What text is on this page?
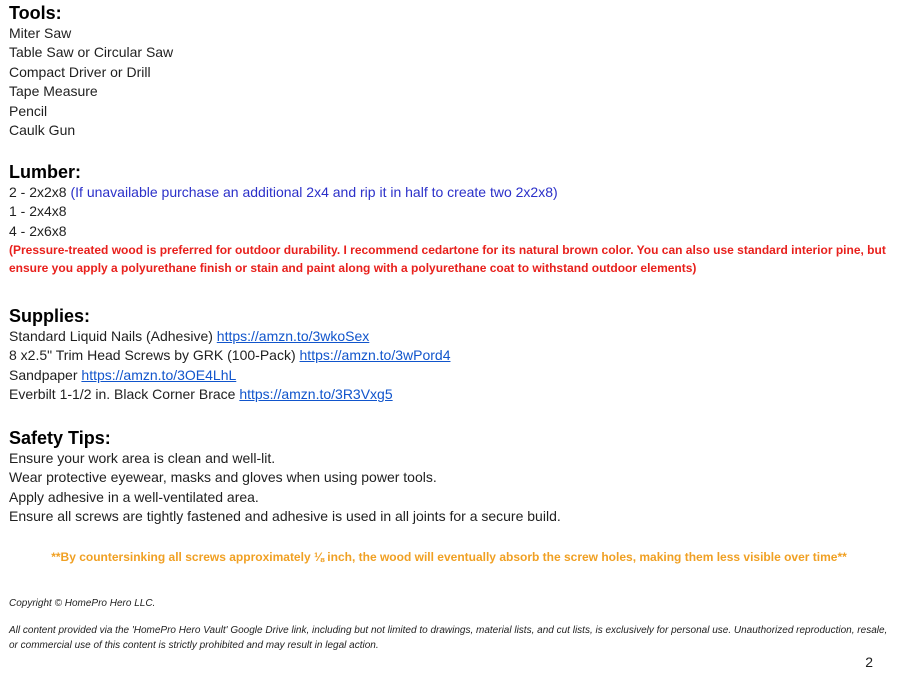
Tools:
Miter Saw
Table Saw or Circular Saw
Compact Driver or Drill
Tape Measure
Pencil
Caulk Gun
Lumber:
2 - 2x2x8 (If unavailable purchase an additional 2x4 and rip it in half to create two 2x2x8)
1 - 2x4x8
4 - 2x6x8
(Pressure-treated wood is preferred for outdoor durability. I recommend cedartone for its natural brown color. You can also use standard interior pine, but ensure you apply a polyurethane finish or stain and paint along with a polyurethane coat to withstand outdoor elements)
Supplies:
Standard Liquid Nails (Adhesive) https://amzn.to/3wkoSex
8 x2.5" Trim Head Screws by GRK (100-Pack) https://amzn.to/3wPord4
Sandpaper https://amzn.to/3OE4LhL
Everbilt 1-1/2 in. Black Corner Brace https://amzn.to/3R3Vxg5
Safety Tips:
Ensure your work area is clean and well-lit.
Wear protective eyewear, masks and gloves when using power tools.
Apply adhesive in a well-ventilated area.
Ensure all screws are tightly fastened and adhesive is used in all joints for a secure build.
**By countersinking all screws approximately ⅛ inch, the wood will eventually absorb the screw holes, making them less visible over time**
Copyright © HomePro Hero LLC.
All content provided via the 'HomePro Hero Vault' Google Drive link, including but not limited to drawings, material lists, and cut lists, is exclusively for personal use. Unauthorized reproduction, resale, or commercial use of this content is strictly prohibited and may result in legal action.
2
